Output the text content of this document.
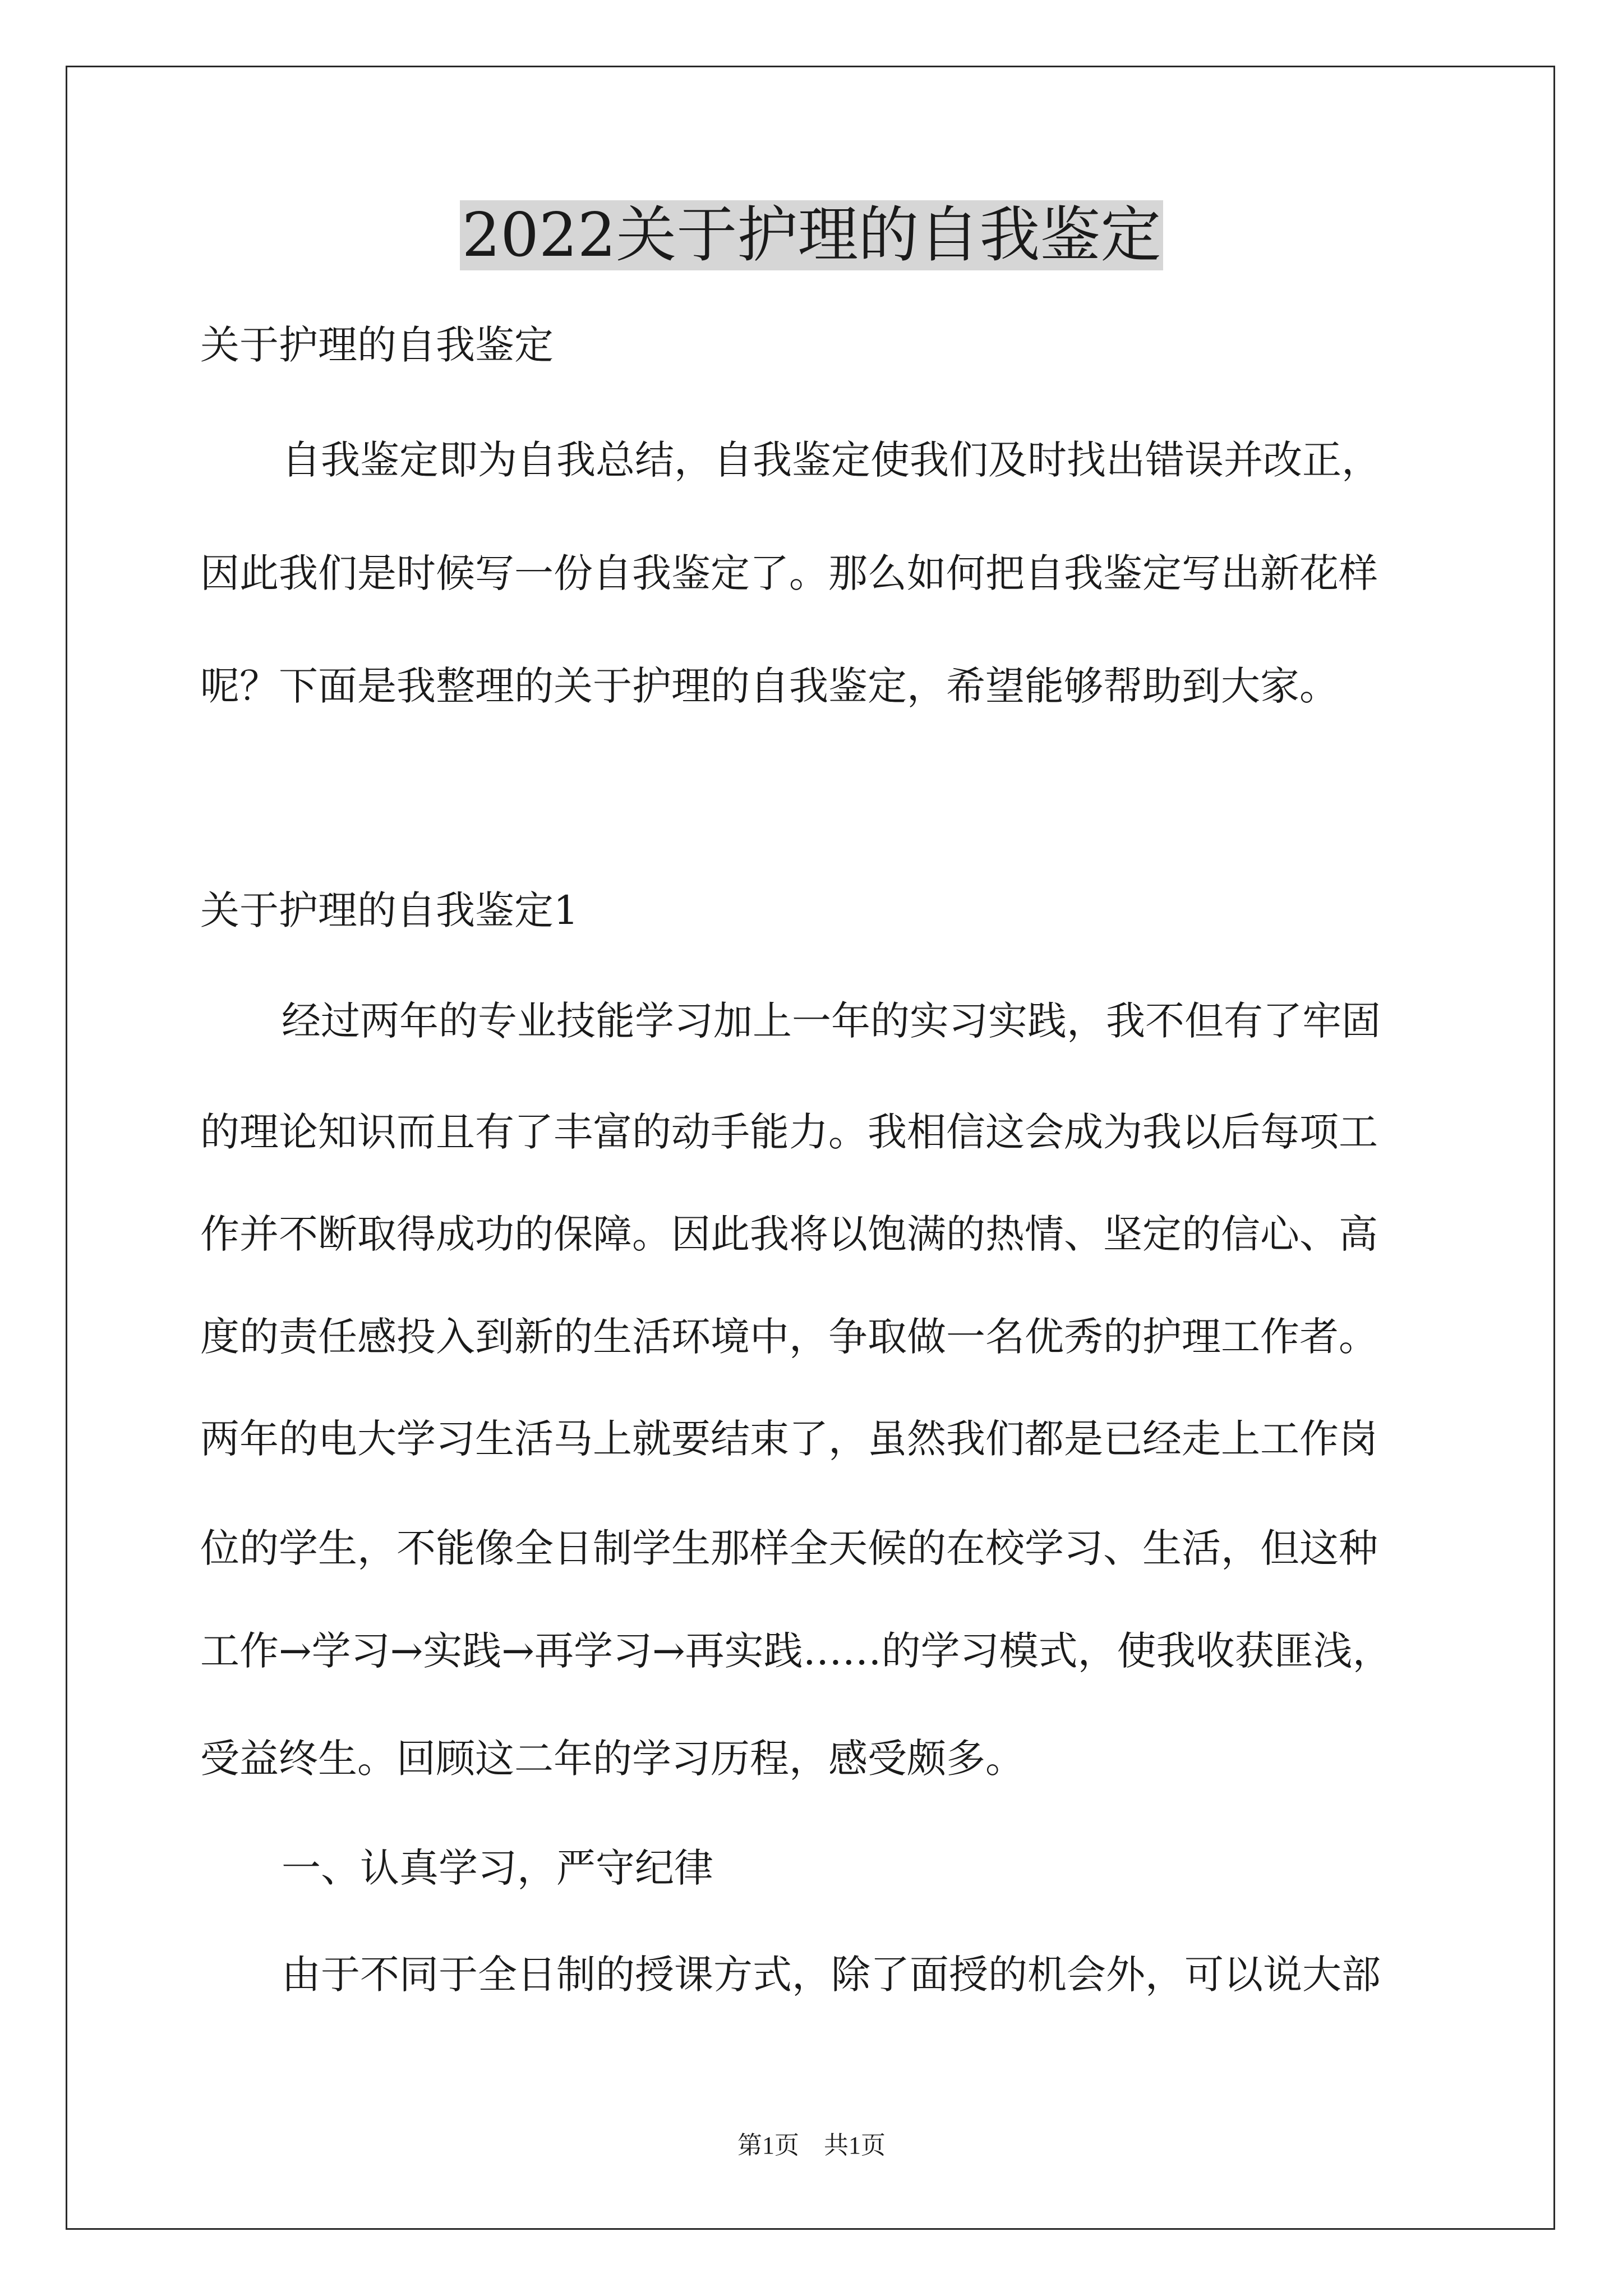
2022关于护理的自我鉴定
关于护理的自我鉴定
自我鉴定即为自我总结，自我鉴定使我们及时找出错误并改正，
因此我们是时候写一份自我鉴定了。那么如何把自我鉴定写出新花样
呢？下面是我整理的关于护理的自我鉴定，希望能够帮助到大家。
关于护理的自我鉴定1
经过两年的专业技能学习加上一年的实习实践，我不但有了牢固
的理论知识而且有了丰富的动手能力。我相信这会成为我以后每项工
作并不断取得成功的保障。因此我将以饱满的热情、坚定的信心、高
度的责任感投入到新的生活环境中，争取做一名优秀的护理工作者。
两年的电大学习生活马上就要结束了，虽然我们都是已经走上工作岗
位的学生，不能像全日制学生那样全天候的在校学习、生活，但这种
工作→学习→实践→再学习→再实践……的学习模式，使我收获匪浅，
受益终生。回顾这二年的学习历程，感受颇多。
一、认真学习，严守纪律
由于不同于全日制的授课方式，除了面授的机会外，可以说大部
第1页　共1页
